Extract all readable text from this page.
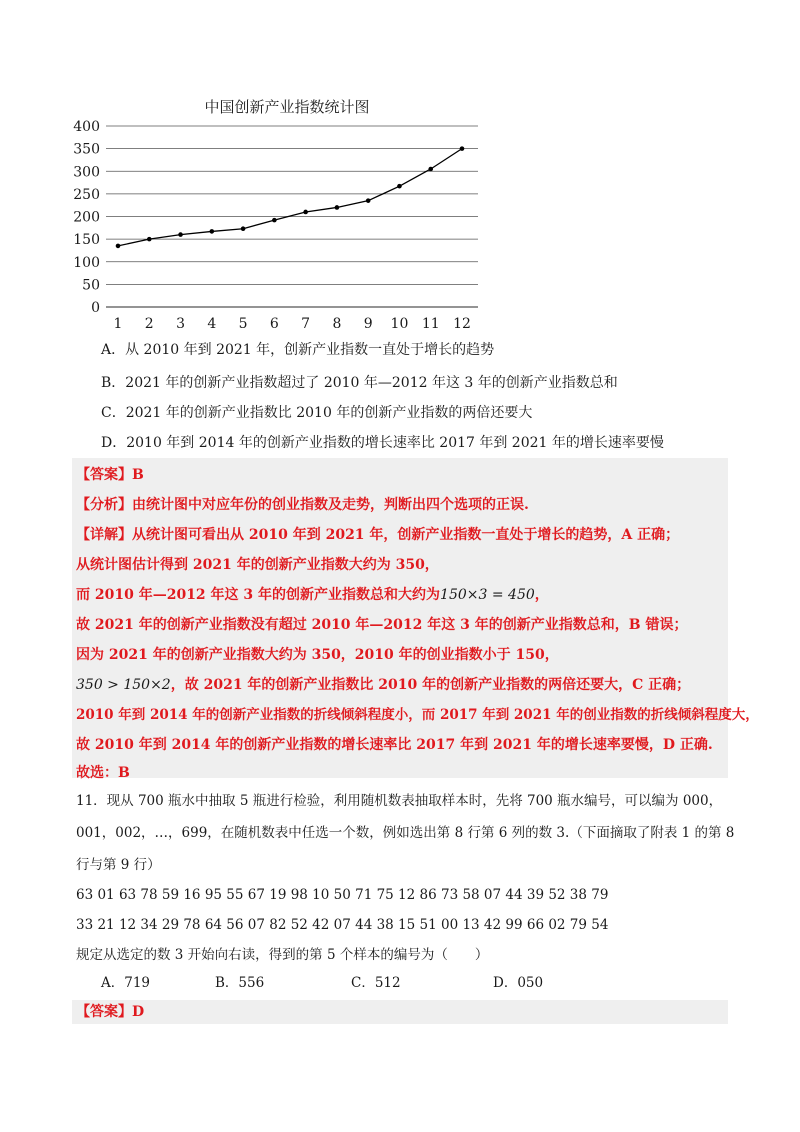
中国创新产业指数统计图
0
50
100
150
200
250
300
350
400
1 2 3 4 5 6 7 8 9 10 11 12
A．从 2010 年到 2021 年，创新产业指数一直处于增长的趋势
B．2021 年的创新产业指数超过了 2010 年—2012 年这 3 年的创新产业指数总和
C．2021 年的创新产业指数比 2010 年的创新产业指数的两倍还要大
D．2010 年到 2014 年的创新产业指数的增长速率比 2017 年到 2021 年的增长速率要慢
【答案】B
【分析】由统计图中对应年份的创业指数及走势，判断出四个选项的正误.
【详解】从统计图可看出从 2010 年到 2021 年，创新产业指数一直处于增长的趋势，A 正确；
从统计图估计得到 2021 年的创新产业指数大约为 350，
而 2010 年—2012 年这 3 年的创新产业指数总和大约为150×3 = 450，
故 2021 年的创新产业指数没有超过 2010 年—2012 年这 3 年的创新产业指数总和，B 错误；
因为 2021 年的创新产业指数大约为 350，2010 年的创业指数小于 150，
350 > 150×2，故 2021 年的创新产业指数比 2010 年的创新产业指数的两倍还要大，C 正确；
2010 年到 2014 年的创新产业指数的折线倾斜程度小，而 2017 年到 2021 年的创业指数的折线倾斜程度大，
故 2010 年到 2014 年的创新产业指数的增长速率比 2017 年到 2021 年的增长速率要慢，D 正确.
故选：B
11．现从 700 瓶水中抽取 5 瓶进行检验，利用随机数表抽取样本时，先将 700 瓶水编号，可以编为 000，
001，002，…，699，在随机数表中任选一个数，例如选出第 8 行第 6 列的数 3.（下面摘取了附表 1 的第 8
行与第 9 行）
63 01 63 78 59 16 95 55 67 19 98 10 50 71 75 12 86 73 58 07 44 39 52 38 79
33 21 12 34 29 78 64 56 07 82 52 42 07 44 38 15 51 00 13 42 99 66 02 79 54
规定从选定的数 3 开始向右读，得到的第 5 个样本的编号为（　　）
A．719	B．556	C．512	D．050
【答案】D
